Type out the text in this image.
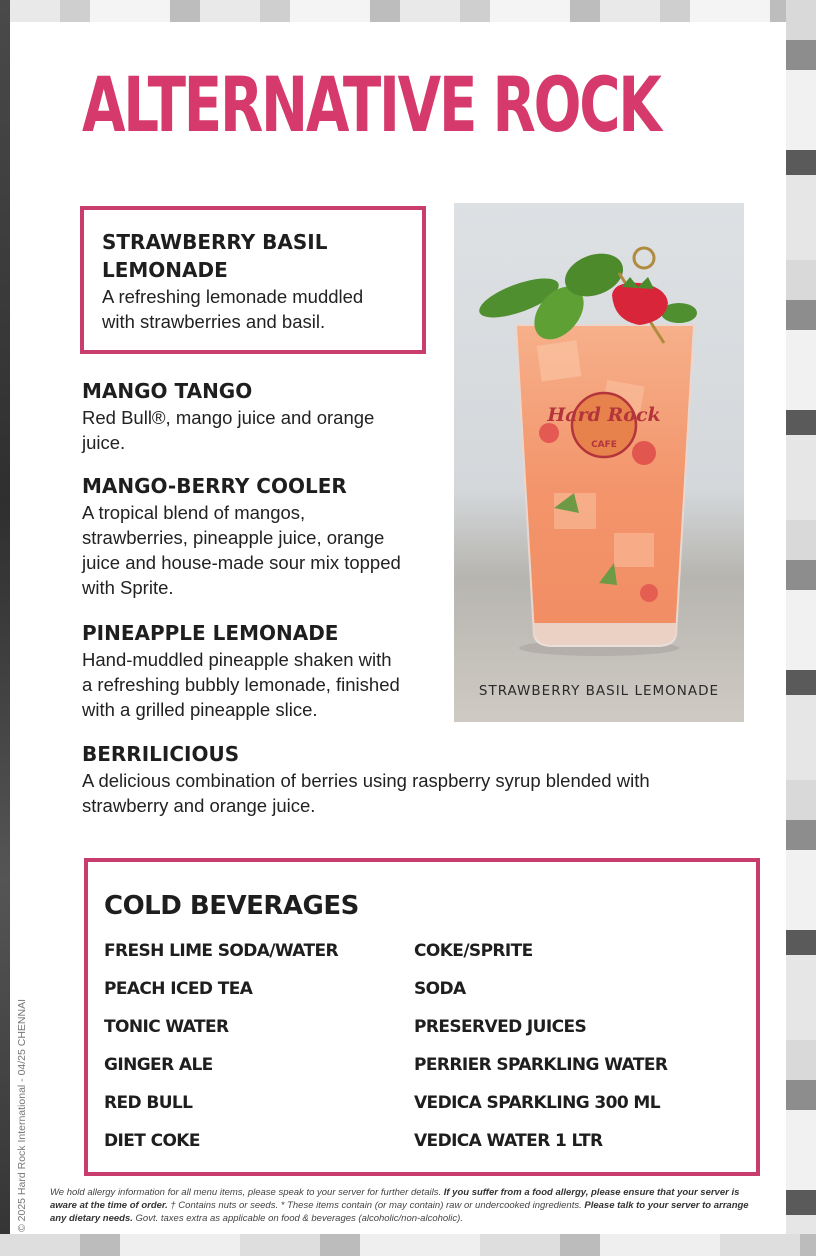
ALTERNATIVE ROCK

STRAWBERRY BASIL

LEMONADE

A refreshing lemonade muddled

with strawberries and basil.

MANGO TANGO

Red Bull®, mango juice and orange

juice.

MANGO-BERRY COOLER

A tropical blend of mangos,

strawberries, pineapple juice, orange

juice and house-made sour mix topped

with Sprite.

PINEAPPLE LEMONADE

Hand-muddled pineapple shaken with

a refreshing bubbly lemonade, finished

with a grilled pineapple slice.

BERRILICIOUS

A delicious combination of berries using raspberry syrup blended with

strawberry and orange juice.

Hard Rock
CAFE
STRAWBERRY BASIL LEMONADE
COLD BEVERAGES
FRESH LIME SODA/WATER
PEACH ICED TEA
TONIC WATER
GINGER ALE
RED BULL
DIET COKE
COKE/SPRITE
SODA
PRESERVED JUICES
PERRIER SPARKLING WATER
VEDICA SPARKLING 300 ML
VEDICA WATER 1 LTR
© 2025 Hard Rock International - 04/25 CHENNAI We hold allergy information for all menu items, please speak to your server for further details. If you suffer from a food allergy, please ensure that your server is aware at the time of order. † Contains nuts or seeds. * These items contain (or may contain) raw or undercooked ingredients. Please talk to your server to arrange any dietary needs. Govt. taxes extra as applicable on food & beverages (alcoholic/non-alcoholic).
